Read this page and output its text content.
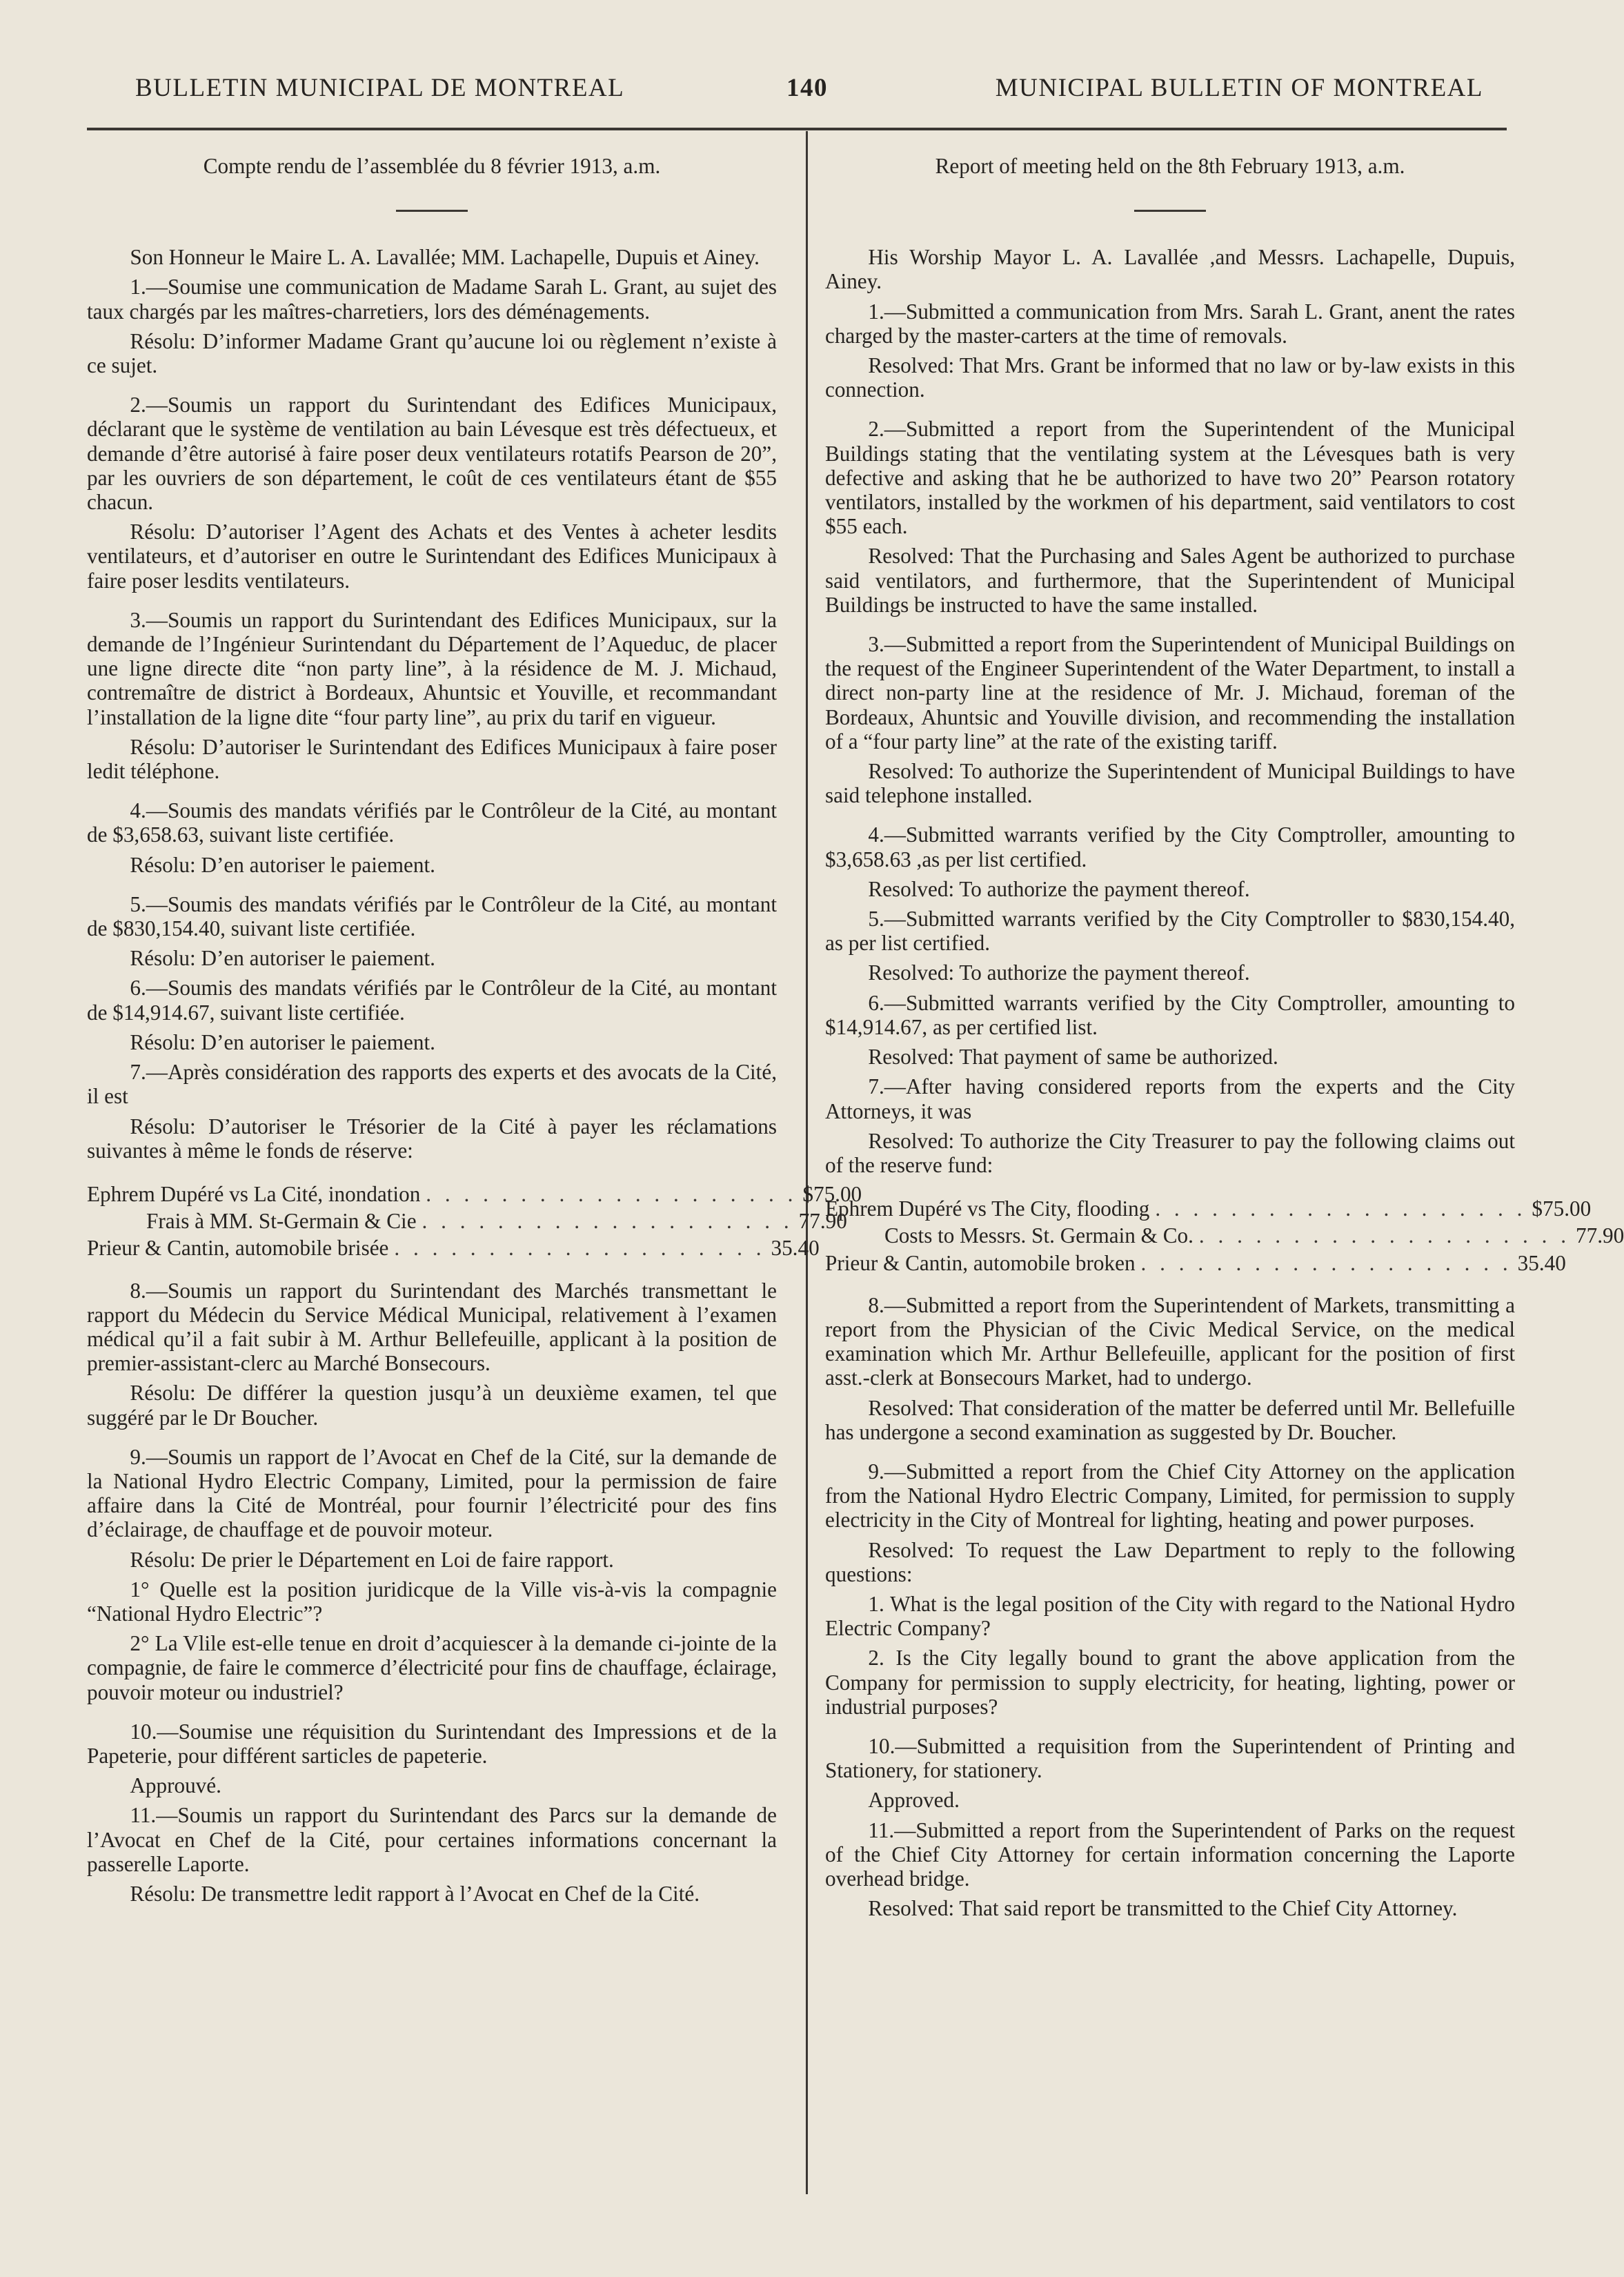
BULLETIN MUNICIPAL DE MONTREAL	140	MUNICIPAL BULLETIN OF MONTREAL
Compte rendu de l’assemblée du 8 février 1913, a.m.
Son Honneur le Maire L. A. Lavallée; MM. Lachapelle, Dupuis et Ainey.
1.—Soumise une communication de Madame Sarah L. Grant, au sujet des taux chargés par les maîtres-charretiers, lors des déménagements.
Résolu: D’informer Madame Grant qu’aucune loi ou règlement n’existe à ce sujet.
2.—Soumis un rapport du Surintendant des Edifices Municipaux, déclarant que le système de ventilation au bain Lévesque est très défectueux, et demande d’être autorisé à faire poser deux ventilateurs rotatifs Pearson de 20”, par les ouvriers de son département, le coût de ces ventilateurs étant de $55 chacun.
Résolu: D’autoriser l’Agent des Achats et des Ventes à acheter lesdits ventilateurs, et d’autoriser en outre le Surintendant des Edifices Municipaux à faire poser lesdits ventilateurs.
3.—Soumis un rapport du Surintendant des Edifices Municipaux, sur la demande de l’Ingénieur Surintendant du Département de l’Aqueduc, de placer une ligne directe dite “non party line”, à la résidence de M. J. Michaud, contremaître de district à Bordeaux, Ahuntsic et Youville, et recommandant l’installation de la ligne dite “four party line”, au prix du tarif en vigueur.
Résolu: D’autoriser le Surintendant des Edifices Municipaux à faire poser ledit téléphone.
4.—Soumis des mandats vérifiés par le Contrôleur de la Cité, au montant de $3,658.63, suivant liste certifiée.
Résolu: D’en autoriser le paiement.
5.—Soumis des mandats vérifiés par le Contrôleur de la Cité, au montant de $830,154.40, suivant liste certifiée.
Résolu: D’en autoriser le paiement.
6.—Soumis des mandats vérifiés par le Contrôleur de la Cité, au montant de $14,914.67, suivant liste certifiée.
Résolu: D’en autoriser le paiement.
7.—Après considération des rapports des experts et des avocats de la Cité, il est
Résolu: D’autoriser le Trésorier de la Cité à payer les réclamations suivantes à même le fonds de réserve:
Ephrem Dupéré vs La Cité, inondation . . . . . . . . . . . . . . . . . . . . $75.00
Frais à MM. St-Germain & Cie . . . . . . . . . . . . . . . . . . . . 77.90
Prieur & Cantin, automobile brisée . . . . . . . . . . . . . . . . . . . . 35.40
8.—Soumis un rapport du Surintendant des Marchés transmettant le rapport du Médecin du Service Médical Municipal, relativement à l’examen médical qu’il a fait subir à M. Arthur Bellefeuille, applicant à la position de premier-assistant-clerc au Marché Bonsecours.
Résolu: De différer la question jusqu’à un deuxième examen, tel que suggéré par le Dr Boucher.
9.—Soumis un rapport de l’Avocat en Chef de la Cité, sur la demande de la National Hydro Electric Company, Limited, pour la permission de faire affaire dans la Cité de Montréal, pour fournir l’électricité pour des fins d’éclairage, de chauffage et de pouvoir moteur.
Résolu: De prier le Département en Loi de faire rapport.
1° Quelle est la position juridicque de la Ville vis-à-vis la compagnie “National Hydro Electric”?
2° La Vlile est-elle tenue en droit d’acquiescer à la demande ci-jointe de la compagnie, de faire le commerce d’électricité pour fins de chauffage, éclairage, pouvoir moteur ou industriel?
10.—Soumise une réquisition du Surintendant des Impressions et de la Papeterie, pour différent sarticles de papeterie.
Approuvé.
11.—Soumis un rapport du Surintendant des Parcs sur la demande de l’Avocat en Chef de la Cité, pour certaines informations concernant la passerelle Laporte.
Résolu: De transmettre ledit rapport à l’Avocat en Chef de la Cité.
Report of meeting held on the 8th February 1913, a.m.
His Worship Mayor L. A. Lavallée ,and Messrs. Lachapelle, Dupuis, Ainey.
1.—Submitted a communication from Mrs. Sarah L. Grant, anent the rates charged by the master-carters at the time of removals.
Resolved: That Mrs. Grant be informed that no law or by-law exists in this connection.
2.—Submitted a report from the Superintendent of the Municipal Buildings stating that the ventilating system at the Lévesques bath is very defective and asking that he be authorized to have two 20” Pearson rotatory ventilators, installed by the workmen of his department, said ventilators to cost $55 each.
Resolved: That the Purchasing and Sales Agent be authorized to purchase said ventilators, and furthermore, that the Superintendent of Municipal Buildings be instructed to have the same installed.
3.—Submitted a report from the Superintendent of Municipal Buildings on the request of the Engineer Superintendent of the Water Department, to install a direct non-party line at the residence of Mr. J. Michaud, foreman of the Bordeaux, Ahuntsic and Youville division, and recommending the installation of a “four party line” at the rate of the existing tariff.
Resolved: To authorize the Superintendent of Municipal Buildings to have said telephone installed.
4.—Submitted warrants verified by the City Comptroller, amounting to $3,658.63 ,as per list certified.
Resolved: To authorize the payment thereof.
5.—Submitted warrants verified by the City Comptroller to $830,154.40, as per list certified.
Resolved: To authorize the payment thereof.
6.—Submitted warrants verified by the City Comptroller, amounting to $14,914.67, as per certified list.
Resolved: That payment of same be authorized.
7.—After having considered reports from the experts and the City Attorneys, it was
Resolved: To authorize the City Treasurer to pay the following claims out of the reserve fund:
Ephrem Dupéré vs The City, flooding . . . . . . . . . . . . . . . . . . . . $75.00
Costs to Messrs. St. Germain & Co. . . . . . . . . . . . . . . . . . . . . 77.90
Prieur & Cantin, automobile broken . . . . . . . . . . . . . . . . . . . . 35.40
8.—Submitted a report from the Superintendent of Markets, transmitting a report from the Physician of the Civic Medical Service, on the medical examination which Mr. Arthur Bellefeuille, applicant for the position of first asst.-clerk at Bonsecours Market, had to undergo.
Resolved: That consideration of the matter be deferred until Mr. Bellefuille has undergone a second examination as suggested by Dr. Boucher.
9.—Submitted a report from the Chief City Attorney on the application from the National Hydro Electric Company, Limited, for permission to supply electricity in the City of Montreal for lighting, heating and power purposes.
Resolved: To request the Law Department to reply to the following questions:
1. What is the legal position of the City with regard to the National Hydro Electric Company?
2. Is the City legally bound to grant the above application from the Company for permission to supply electricity, for heating, lighting, power or industrial purposes?
10.—Submitted a requisition from the Superintendent of Printing and Stationery, for stationery.
Approved.
11.—Submitted a report from the Superintendent of Parks on the request of the Chief City Attorney for certain information concerning the Laporte overhead bridge.
Resolved: That said report be transmitted to the Chief City Attorney.
